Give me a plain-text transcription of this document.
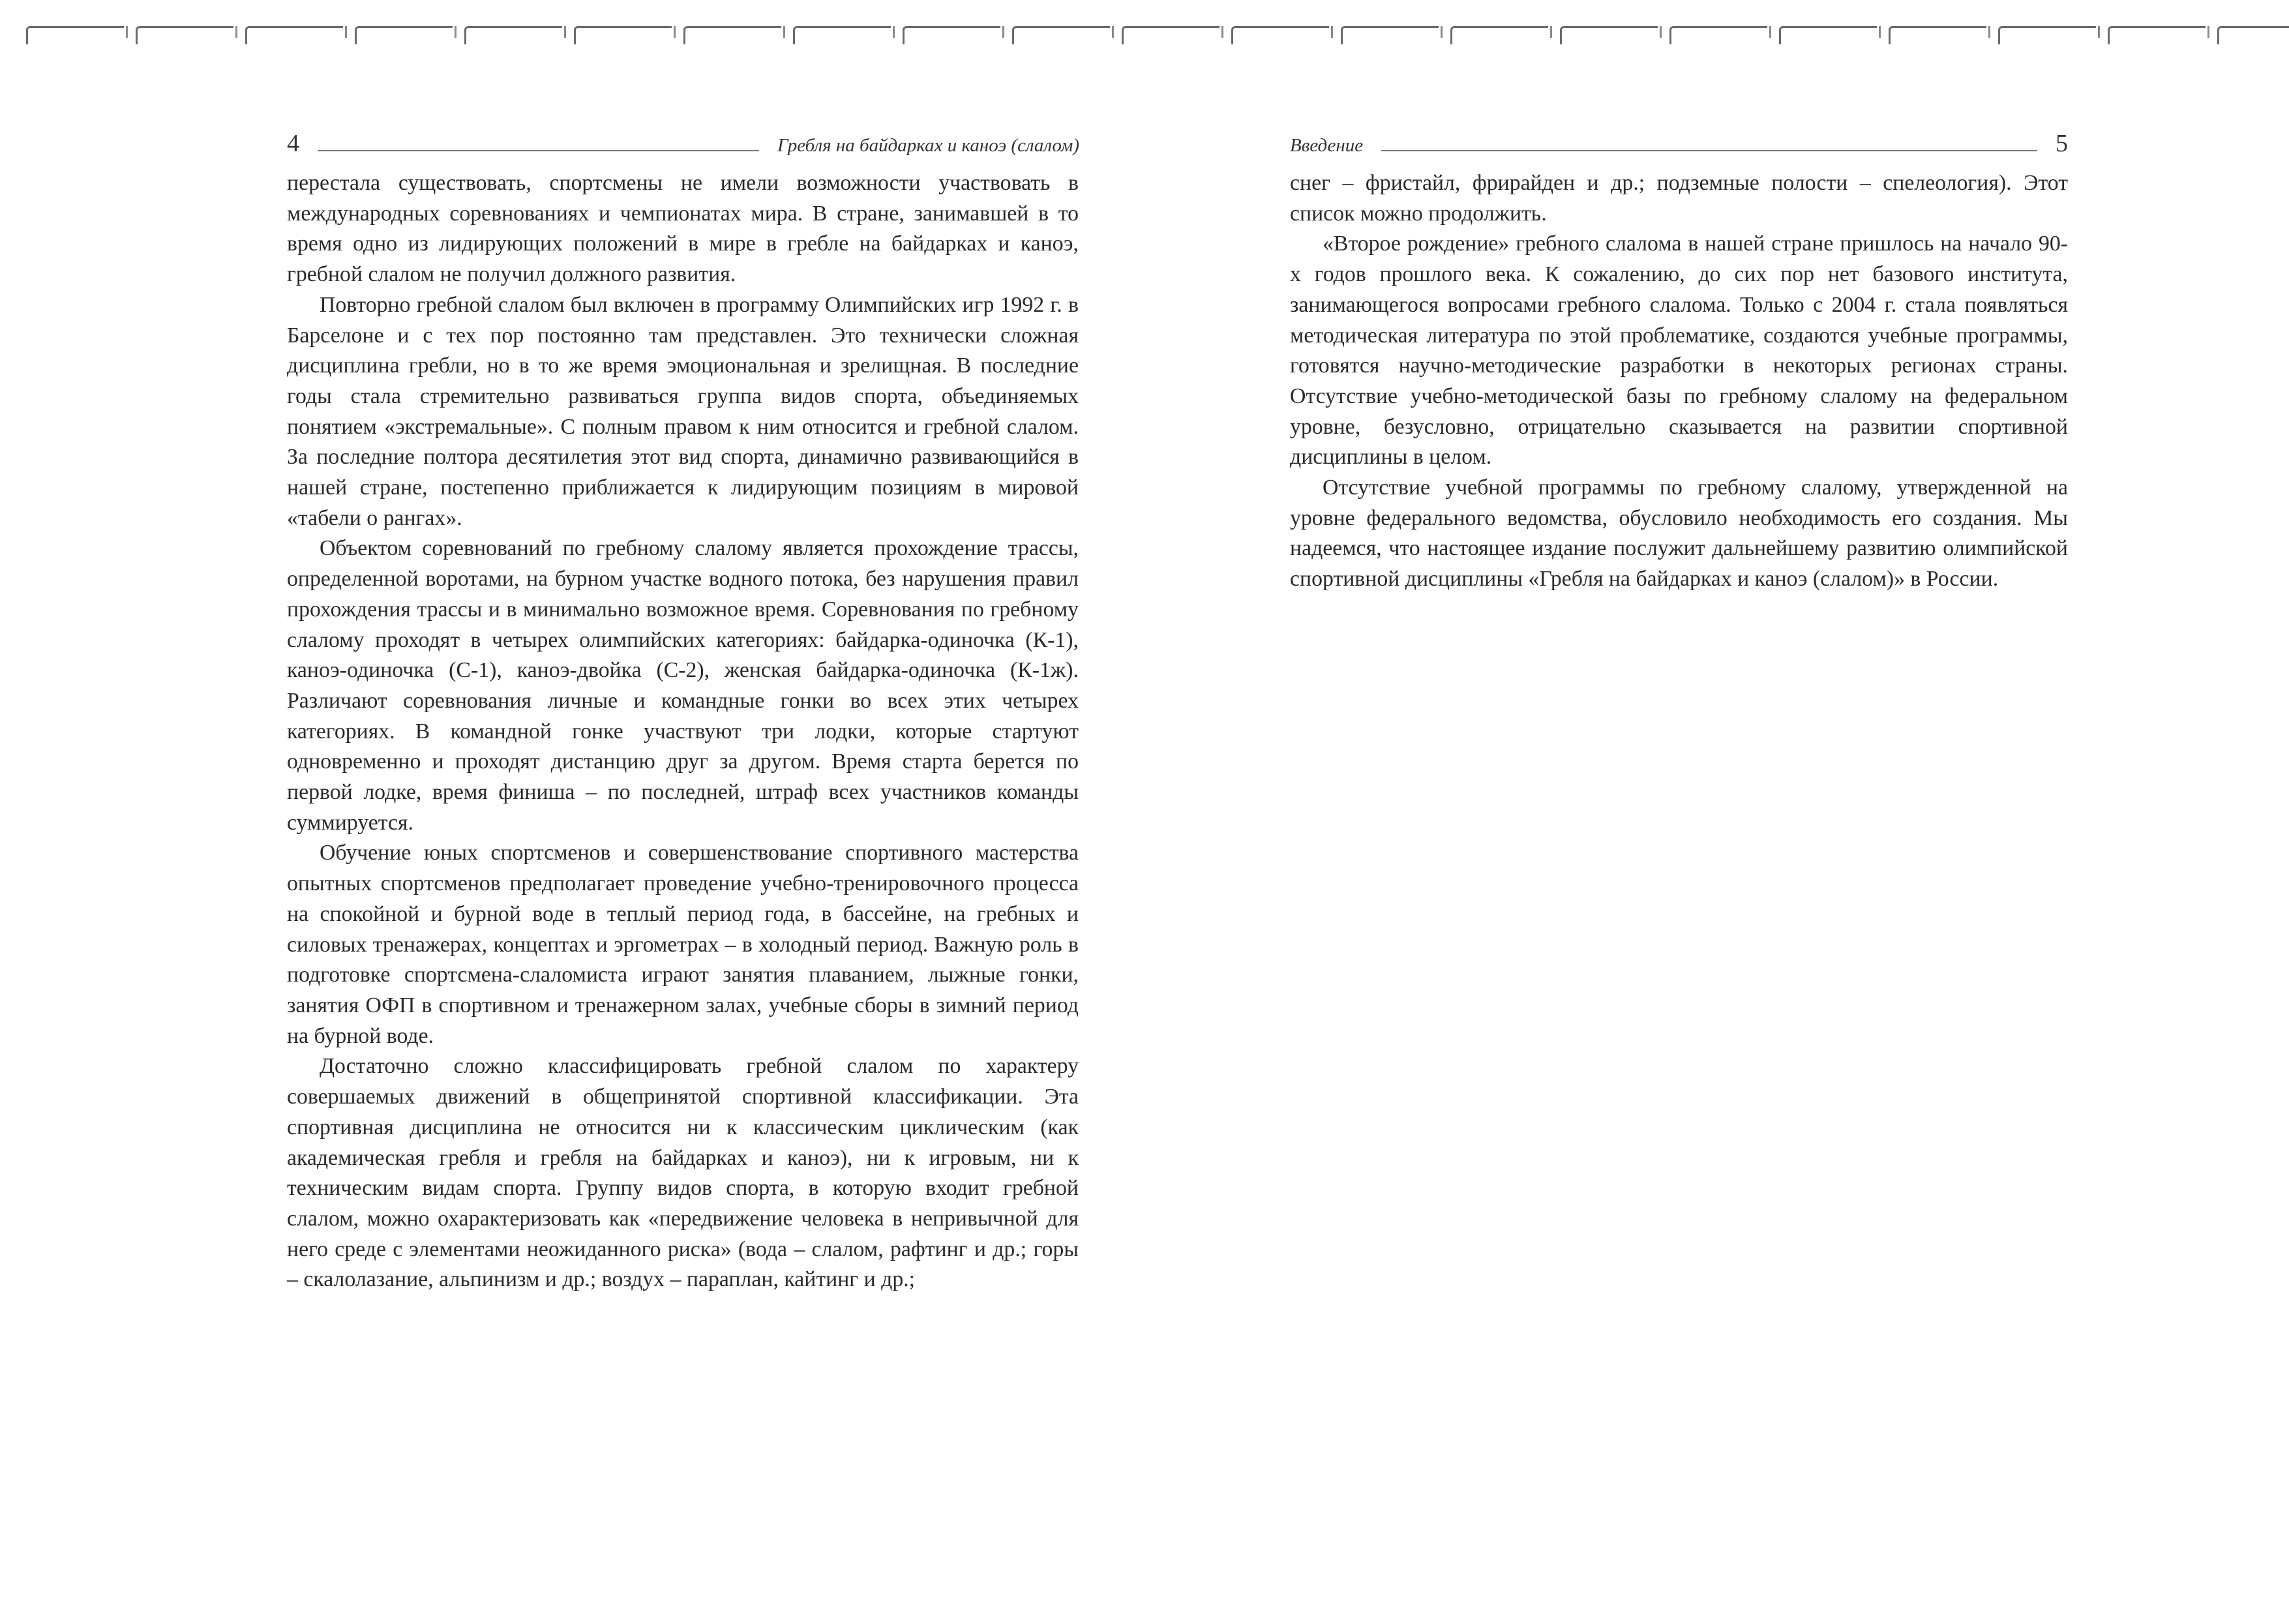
4	Гребля на байдарках и каноэ (слалом)

перестала существовать, спортсмены не имели возможности участвовать в международных соревнованиях и чемпионатах мира. В стране, занимавшей в то время одно из лидирующих положений в мире в гребле на байдарках и каноэ, гребной слалом не получил должного развития.

Повторно гребной слалом был включен в программу Олимпийских игр 1992 г. в Барселоне и с тех пор постоянно там представлен. Это технически сложная дисциплина гребли, но в то же время эмоциональная и зрелищная. В последние годы стала стремительно развиваться группа видов спорта, объединяемых понятием «экстремальные». С полным правом к ним относится и гребной слалом. За последние полтора десятилетия этот вид спорта, динамично развивающийся в нашей стране, постепенно приближается к лидирующим позициям в мировой «табели о рангах».

Объектом соревнований по гребному слалому является прохождение трассы, определенной воротами, на бурном участке водного потока, без нарушения правил прохождения трассы и в минимально возможное время. Соревнования по гребному слалому проходят в четырех олимпийских категориях: байдарка-одиночка (К-1), каноэ-одиночка (С-1), каноэ-двойка (С-2), женская байдарка-одиночка (К-1ж). Различают соревнования личные и командные гонки во всех этих четырех категориях. В командной гонке участвуют три лодки, которые стартуют одновременно и проходят дистанцию друг за другом. Время старта берется по первой лодке, время финиша – по последней, штраф всех участников команды суммируется.

Обучение юных спортсменов и совершенствование спортивного мастерства опытных спортсменов предполагает проведение учебно-тренировочного процесса на спокойной и бурной воде в теплый период года, в бассейне, на гребных и силовых тренажерах, концептах и эргометрах – в холодный период. Важную роль в подготовке спортсмена-слаломиста играют занятия плаванием, лыжные гонки, занятия ОФП в спортивном и тренажерном залах, учебные сборы в зимний период на бурной воде.

Достаточно сложно классифицировать гребной слалом по характеру совершаемых движений в общепринятой спортивной классификации. Эта спортивная дисциплина не относится ни к классическим циклическим (как академическая гребля и гребля на байдарках и каноэ), ни к игровым, ни к техническим видам спорта. Группу видов спорта, в которую входит гребной слалом, можно охарактеризовать как «передвижение человека в непривычной для него среде с элементами неожиданного риска» (вода – слалом, рафтинг и др.; горы – скалолазание, альпинизм и др.; воздух – параплан, кайтинг и др.;

Введение	5

снег – фристайл, фрирайден и др.; подземные полости – спелеология). Этот список можно продолжить.

«Второе рождение» гребного слалома в нашей стране пришлось на начало 90-х годов прошлого века. К сожалению, до сих пор нет базового института, занимающегося вопросами гребного слалома. Только с 2004 г. стала появляться методическая литература по этой проблематике, создаются учебные программы, готовятся научно-методические разработки в некоторых регионах страны. Отсутствие учебно-методической базы по гребному слалому на федеральном уровне, безусловно, отрицательно сказывается на развитии спортивной дисциплины в целом.

Отсутствие учебной программы по гребному слалому, утвержденной на уровне федерального ведомства, обусловило необходимость его создания. Мы надеемся, что настоящее издание послужит дальнейшему развитию олимпийской спортивной дисциплины «Гребля на байдарках и каноэ (слалом)» в России.
